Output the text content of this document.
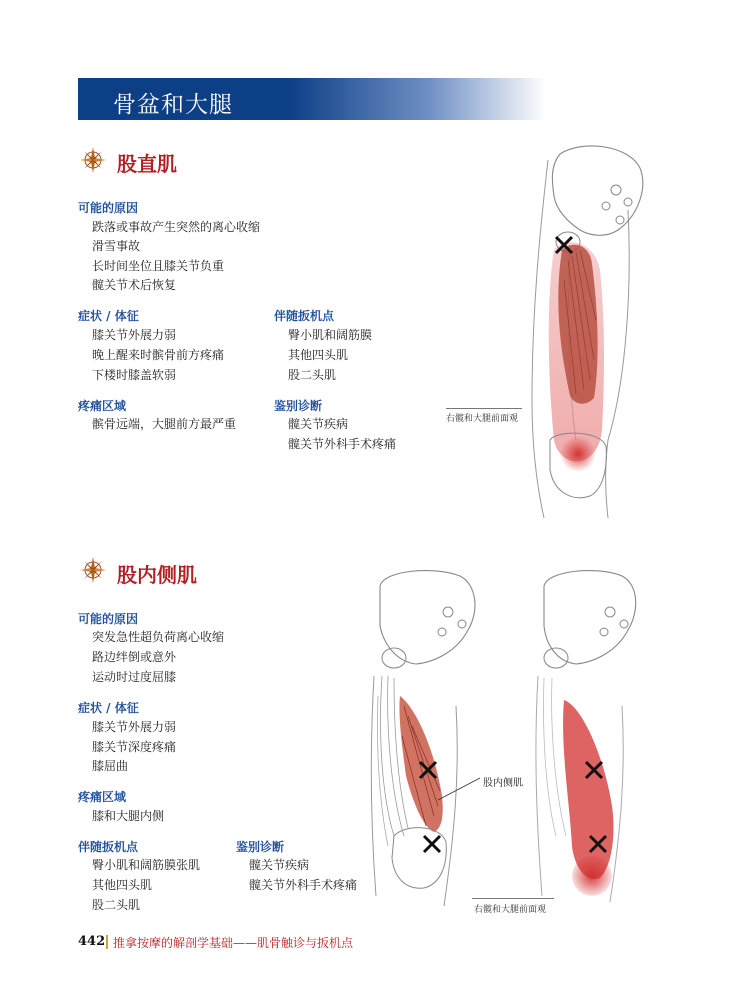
骨盆和大腿
股直肌
可能的原因
跌落或事故产生突然的离心收缩
滑雪事故
长时间坐位且膝关节负重
髋关节术后恢复
症状 / 体征
膝关节外展力弱
晚上醒来时髌骨前方疼痛
下楼时膝盖软弱
疼痛区域
髌骨远端，大腿前方最严重
伴随扳机点
臀小肌和阔筋膜
其他四头肌
股二头肌
鉴别诊断
髋关节疾病
髋关节外科手术疼痛
右髋和大腿前面观
股内侧肌
可能的原因
突发急性超负荷离心收缩
路边绊倒或意外
运动时过度屈膝
症状 / 体征
膝关节外展力弱
膝关节深度疼痛
膝屈曲
疼痛区域
膝和大腿内侧
伴随扳机点
臀小肌和阔筋膜张肌
其他四头肌
股二头肌
鉴别诊断
髋关节疾病
髋关节外科手术疼痛
股内侧肌
右髋和大腿前面观
442 推拿按摩的解剖学基础——肌骨触诊与扳机点
